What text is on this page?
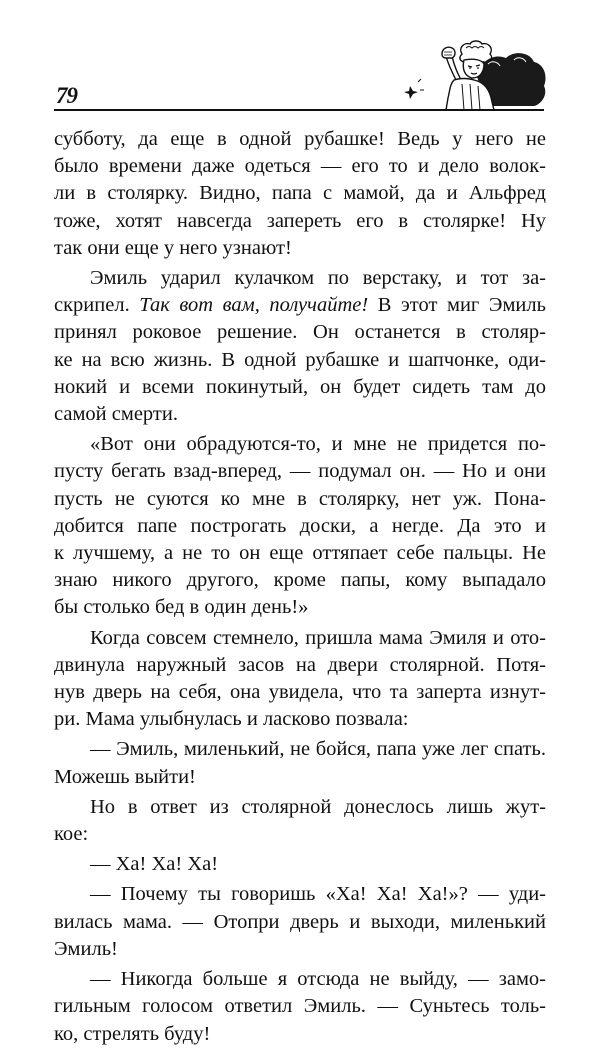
79

субботу, да еще в одной рубашке! Ведь у него не
было времени даже одеться — его то и дело волок-
ли в столярку. Видно, папа с мамой, да и Альфред
тоже, хотят навсегда запереть его в столярке! Ну
так они еще у него узнают!

Эмиль ударил кулачком по верстаку, и тот за-
скрипел. Так вот вам, получайте! В этот миг Эмиль
принял роковое решение. Он останется в столяр-
ке на всю жизнь. В одной рубашке и шапчонке, оди-
нокий и всеми покинутый, он будет сидеть там до
самой смерти.

«Вот они обрадуются-то, и мне не придется по-
пусту бегать взад-вперед, — подумал он. — Но и они
пусть не суются ко мне в столярку, нет уж. Пона-
добится папе построгать доски, а негде. Да это и
к лучшему, а не то он еще оттяпает себе пальцы. Не
знаю никого другого, кроме папы, кому выпадало
бы столько бед в один день!»

Когда совсем стемнело, пришла мама Эмиля и ото-
двинула наружный засов на двери столярной. Потя-
нув дверь на себя, она увидела, что та заперта изнут-
ри. Мама улыбнулась и ласково позвала:

— Эмиль, миленький, не бойся, папа уже лег спать.
Можешь выйти!

Но в ответ из столярной донеслось лишь жут-
кое:

— Ха! Ха! Ха!

— Почему ты говоришь «Ха! Ха! Ха!»? — уди-
вилась мама. — Отопри дверь и выходи, миленький
Эмиль!

— Никогда больше я отсюда не выйду, — замо-
гильным голосом ответил Эмиль. — Суньтесь толь-
ко, стрелять буду!
